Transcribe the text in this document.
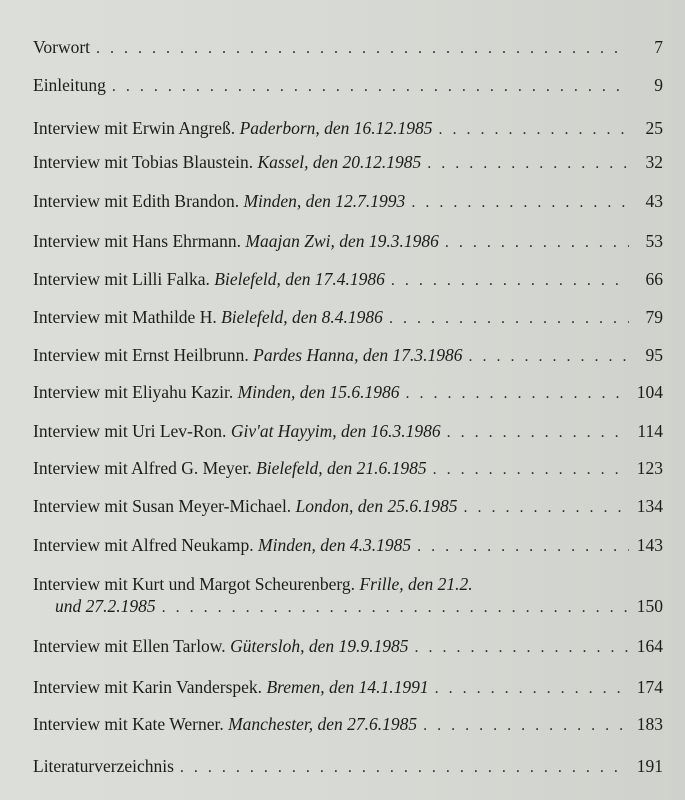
Vorwort . . .	7
Einleitung . . .	9
Interview mit Erwin Angreß. Paderborn, den 16.12.1985 . . .	25
Interview mit Tobias Blaustein. Kassel, den 20.12.1985 . . .	32
Interview mit Edith Brandon. Minden, den 12.7.1993 . . .	43
Interview mit Hans Ehrmann. Maajan Zwi, den 19.3.1986 . . .	53
Interview mit Lilli Falka. Bielefeld, den 17.4.1986 . . .	66
Interview mit Mathilde H. Bielefeld, den 8.4.1986 . . .	79
Interview mit Ernst Heilbrunn. Pardes Hanna, den 17.3.1986 . . .	95
Interview mit Eliyahu Kazir. Minden, den 15.6.1986 . . .	104
Interview mit Uri Lev-Ron. Giv'at Hayyim, den 16.3.1986 . . .	114
Interview mit Alfred G. Meyer. Bielefeld, den 21.6.1985 . . .	123
Interview mit Susan Meyer-Michael. London, den 25.6.1985 . . .	134
Interview mit Alfred Neukamp. Minden, den 4.3.1985 . . .	143
Interview mit Kurt und Margot Scheurenberg. Frille, den 21.2.
und 27.2.1985 . . .	150
Interview mit Ellen Tarlow. Gütersloh, den 19.9.1985 . . .	164
Interview mit Karin Vanderspek. Bremen, den 14.1.1991 . . .	174
Interview mit Kate Werner. Manchester, den 27.6.1985 . . .	183
Literaturverzeichnis . . .	191
